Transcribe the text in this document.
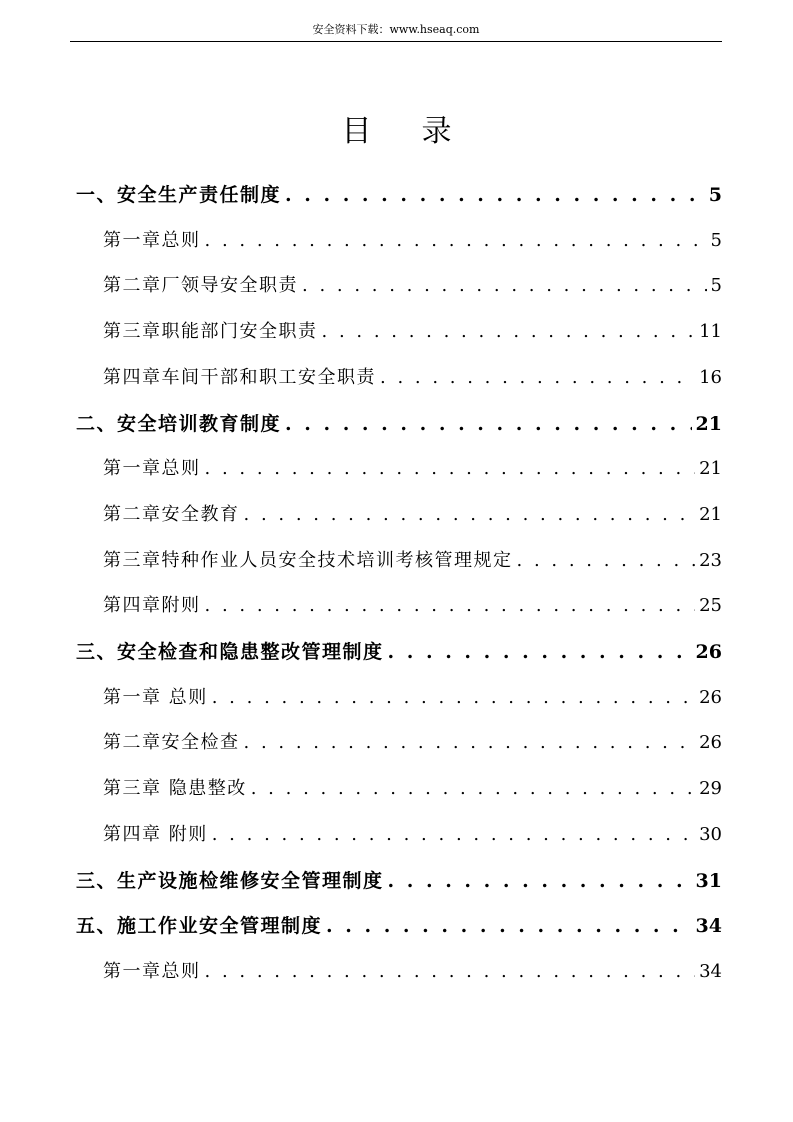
安全资料下载：www.hseaq.com
目录
一、安全生产责任制度 . . .	5
第一章总则 . . .	5
第二章厂领导安全职责 . . .	5
第三章职能部门安全职责 . . .	11
第四章车间干部和职工安全职责 . . .	16
二、安全培训教育制度 . . .	21
第一章总则 . . .	21
第二章安全教育 . . .	21
第三章特种作业人员安全技术培训考核管理规定 . . .	23
第四章附则 . . .	25
三、安全检查和隐患整改管理制度 . . .	26
第一章 总则 . . .	26
第二章安全检查 . . .	26
第三章 隐患整改 . . .	29
第四章 附则 . . .	30
三、生产设施检维修安全管理制度 . . .	31
五、施工作业安全管理制度 . . .	34
第一章总则 . . .	34
